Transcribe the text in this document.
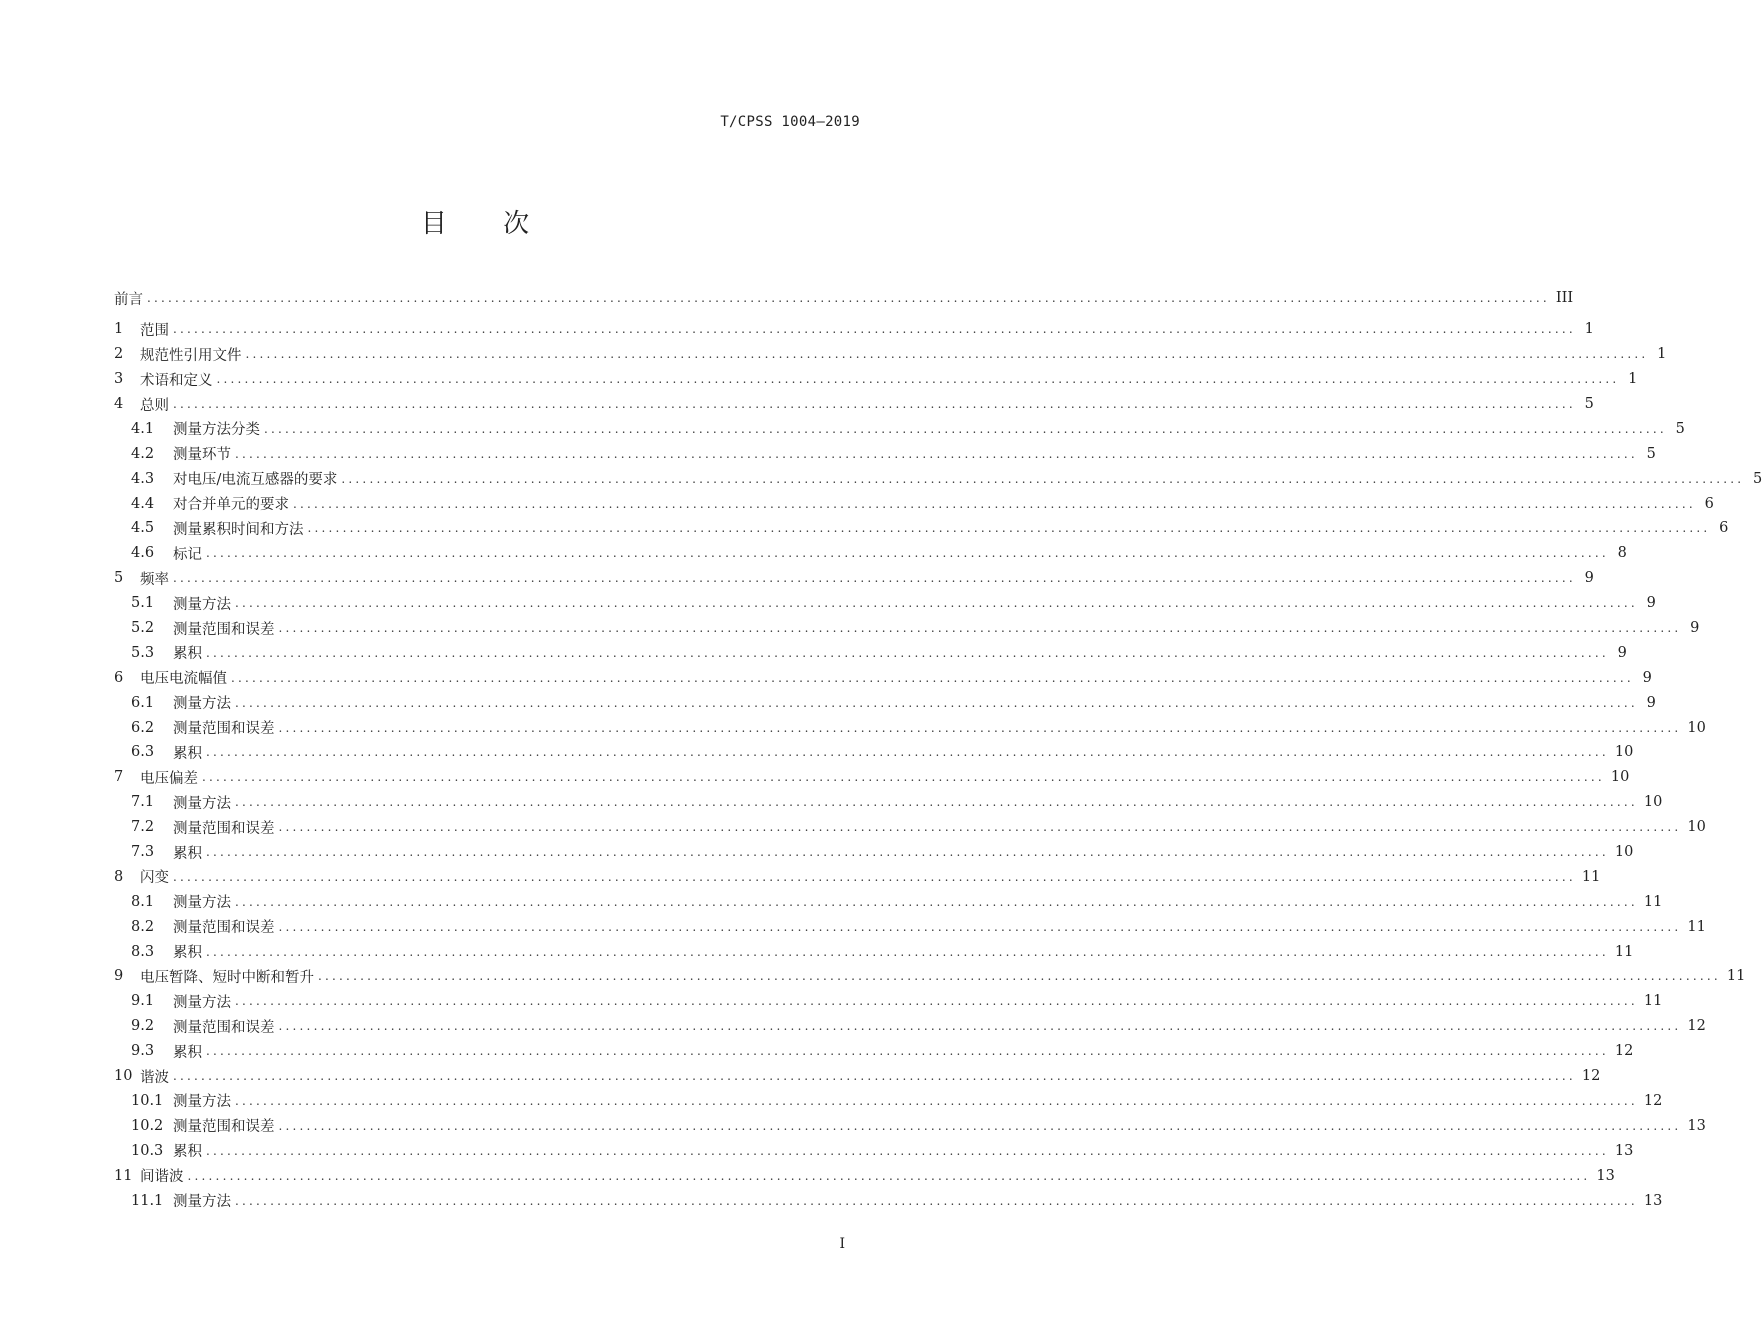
T/CPSS 1004—2019
目 次
前言 ........................................................................................................................................................................................................ III
1	范围 ........................................................................................................................................................................................................ 1
2	规范性引用文件 ........................................................................................................................................................................................................ 1
3	术语和定义 ........................................................................................................................................................................................................ 1
4	总则 ........................................................................................................................................................................................................ 5
4.1	测量方法分类 ........................................................................................................................................................................................................ 5
4.2	测量环节 ........................................................................................................................................................................................................ 5
4.3	对电压/电流互感器的要求 ........................................................................................................................................................................................................ 5
4.4	对合并单元的要求 ........................................................................................................................................................................................................ 6
4.5	测量累积时间和方法 ........................................................................................................................................................................................................ 6
4.6	标记 ........................................................................................................................................................................................................ 8
5	频率 ........................................................................................................................................................................................................ 9
5.1	测量方法 ........................................................................................................................................................................................................ 9
5.2	测量范围和误差 ........................................................................................................................................................................................................ 9
5.3	累积 ........................................................................................................................................................................................................ 9
6	电压电流幅值 ........................................................................................................................................................................................................ 9
6.1	测量方法 ........................................................................................................................................................................................................ 9
6.2	测量范围和误差 ........................................................................................................................................................................................................ 10
6.3	累积 ........................................................................................................................................................................................................ 10
7	电压偏差 ........................................................................................................................................................................................................ 10
7.1	测量方法 ........................................................................................................................................................................................................ 10
7.2	测量范围和误差 ........................................................................................................................................................................................................ 10
7.3	累积 ........................................................................................................................................................................................................ 10
8	闪变 ........................................................................................................................................................................................................ 11
8.1	测量方法 ........................................................................................................................................................................................................ 11
8.2	测量范围和误差 ........................................................................................................................................................................................................ 11
8.3	累积 ........................................................................................................................................................................................................ 11
9	电压暂降、短时中断和暂升 ........................................................................................................................................................................................................ 11
9.1	测量方法 ........................................................................................................................................................................................................ 11
9.2	测量范围和误差 ........................................................................................................................................................................................................ 12
9.3	累积 ........................................................................................................................................................................................................ 12
10 谐波 ........................................................................................................................................................................................................ 12
10.1 测量方法 ........................................................................................................................................................................................................ 12
10.2 测量范围和误差 ........................................................................................................................................................................................................ 13
10.3 累积 ........................................................................................................................................................................................................ 13
11 间谐波 ........................................................................................................................................................................................................ 13
11.1 测量方法 ........................................................................................................................................................................................................ 13
I
